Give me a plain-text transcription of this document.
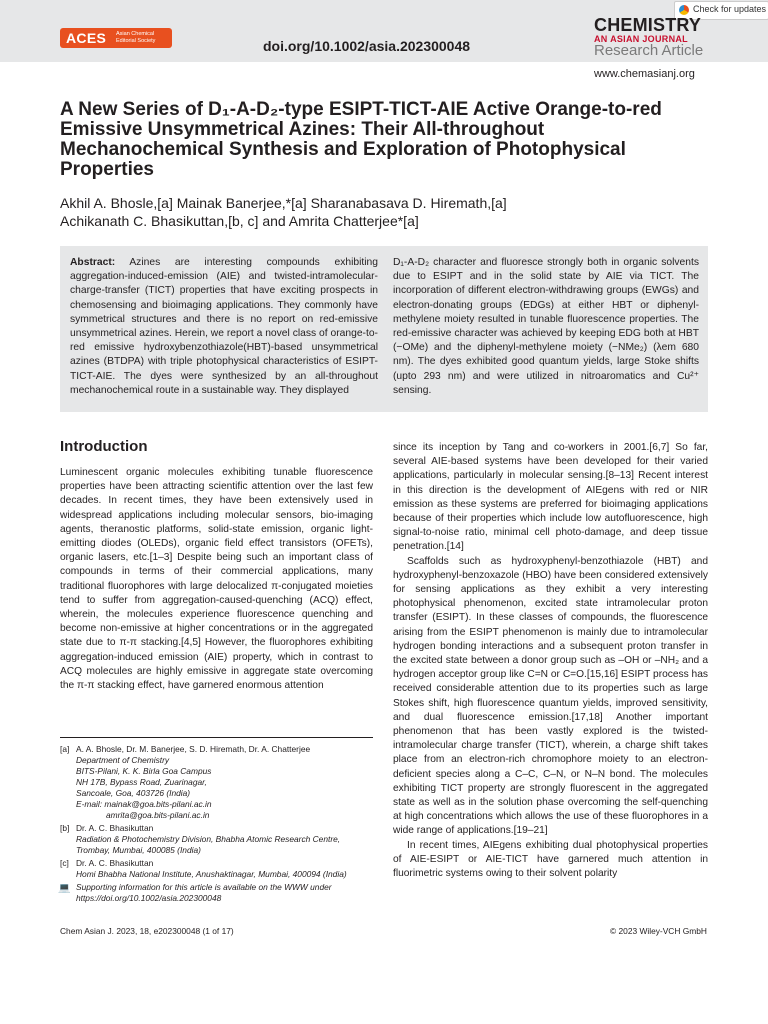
ACES Asian Chemical Editorial Society	doi.org/10.1002/asia.202300048
Check for updates
CHEMISTRY
AN ASIAN JOURNAL
Research Article
www.chemasianj.org
A New Series of D₁-A-D₂-type ESIPT-TICT-AIE Active Orange-to-red Emissive Unsymmetrical Azines: Their All-throughout Mechanochemical Synthesis and Exploration of Photophysical Properties
Akhil A. Bhosle,[a] Mainak Banerjee,*[a] Sharanabasava D. Hiremath,[a]
Achikanath C. Bhasikuttan,[b, c] and Amrita Chatterjee*[a]
Abstract: Azines are interesting compounds exhibiting aggregation-induced-emission (AIE) and twisted-intramolecular-charge-transfer (TICT) properties that have exciting prospects in chemosensing and bioimaging applications. They commonly have symmetrical structures and there is no report on red-emissive unsymmetrical azines. Herein, we report a novel class of orange-to-red emissive hydroxybenzothiazole(HBT)-based unsymmetrical azines (BTDPA) with triple photophysical characteristics of ESIPT-TICT-AIE. The dyes were synthesized by an all-throughout mechanochemical route in a sustainable way. They displayed
D₁-A-D₂ character and fluoresce strongly both in organic solvents due to ESIPT and in the solid state by AIE via TICT. The incorporation of different electron-withdrawing groups (EWGs) and electron-donating groups (EDGs) at either HBT or diphenyl-methylene moiety resulted in tunable fluorescence properties. The red-emissive character was achieved by keeping EDG both at HBT (−OMe) and the diphenyl-methylene moiety (−NMe₂) (λem 680 nm). The dyes exhibited good quantum yields, large Stoke shifts (upto 293 nm) and were utilized in nitroaromatics and Cu²⁺ sensing.
Introduction

Luminescent organic molecules exhibiting tunable fluorescence properties have been attracting scientific attention over the last few decades. In recent times, they have been extensively used in widespread applications including molecular sensors, bio-imaging agents, theranostic platforms, solid-state emission, organic light-emitting diodes (OLEDs), organic field effect transistors (OFETs), organic lasers, etc.[1–3] Despite being such an important class of compounds in terms of their commercial applications, many traditional fluorophores with large delocalized π-conjugated moieties tend to suffer from aggregation-caused-quenching (ACQ) effect, wherein, the molecules experience fluorescence quenching and become non-emissive at higher concentrations or in the aggregated state due to π-π stacking.[4,5] However, the fluorophores exhibiting aggregation-induced emission (AIE) property, which in contrast to ACQ molecules are highly emissive in aggregate state overcoming the π-π stacking effect, have garnered enormous attention

since its inception by Tang and co-workers in 2001.[6,7] So far, several AIE-based systems have been developed for their varied applications, particularly in molecular sensing.[8–13] Recent interest in this direction is the development of AIEgens with red or NIR emission as these systems are preferred for bioimaging applications because of their properties which include low autofluorescence, high signal-to-noise ratio, minimal cell photo-damage, and deep tissue penetration.[14]

Scaffolds such as hydroxyphenyl-benzothiazole (HBT) and hydroxyphenyl-benzoxazole (HBO) have been considered extensively for sensing applications as they exhibit a very interesting photophysical phenomenon, excited state intramolecular proton transfer (ESIPT). In these classes of compounds, the fluorescence arising from the ESIPT phenomenon is mainly due to intramolecular hydrogen bonding interactions and a subsequent proton transfer in the excited state between a donor group such as –OH or –NH₂ and a hydrogen acceptor group like C=N or C=O.[15,16] ESIPT process has received considerable attention due to its properties such as large Stokes shift, high fluorescence quantum yields, improved sensitivity, and dual fluorescence emission.[17,18] Another important phenomenon that has been vastly explored is the twisted-intramolecular charge transfer (TICT), wherein, a charge shift takes place from an electron-rich chromophore moiety to an electron-deficient species along a C–C, C–N, or N–N bond. The molecules exhibiting TICT property are strongly fluorescent in the aggregated state as well as in the solution phase overcoming the self-quenching at high concentrations which allows the use of these fluorophores in a wide range of applications.[19–21]

In recent times, AIEgens exhibiting dual photophysical properties of AIE-ESIPT or AIE-TICT have garnered much attention in fluorimetric systems owing to their solvent polarity

[a] A. A. Bhosle, Dr. M. Banerjee, S. D. Hiremath, Dr. A. Chatterjee
Department of Chemistry
BITS-Pilani, K. K. Birla Goa Campus
NH 17B, Bypass Road, Zuarinagar,
Sancoale, Goa, 403726 (India)
E-mail: mainak@goa.bits-pilani.ac.in
amrita@goa.bits-pilani.ac.in
[b] Dr. A. C. Bhasikuttan
Radiation & Photochemistry Division, Bhabha Atomic Research Centre, Trombay, Mumbai, 400085 (India)
[c] Dr. A. C. Bhasikuttan
Homi Bhabha National Institute, Anushaktinagar, Mumbai, 400094 (India)
💻 Supporting information for this article is available on the WWW under https://doi.org/10.1002/asia.202300048
Chem Asian J. 2023, 18, e202300048 (1 of 17)	© 2023 Wiley-VCH GmbH
